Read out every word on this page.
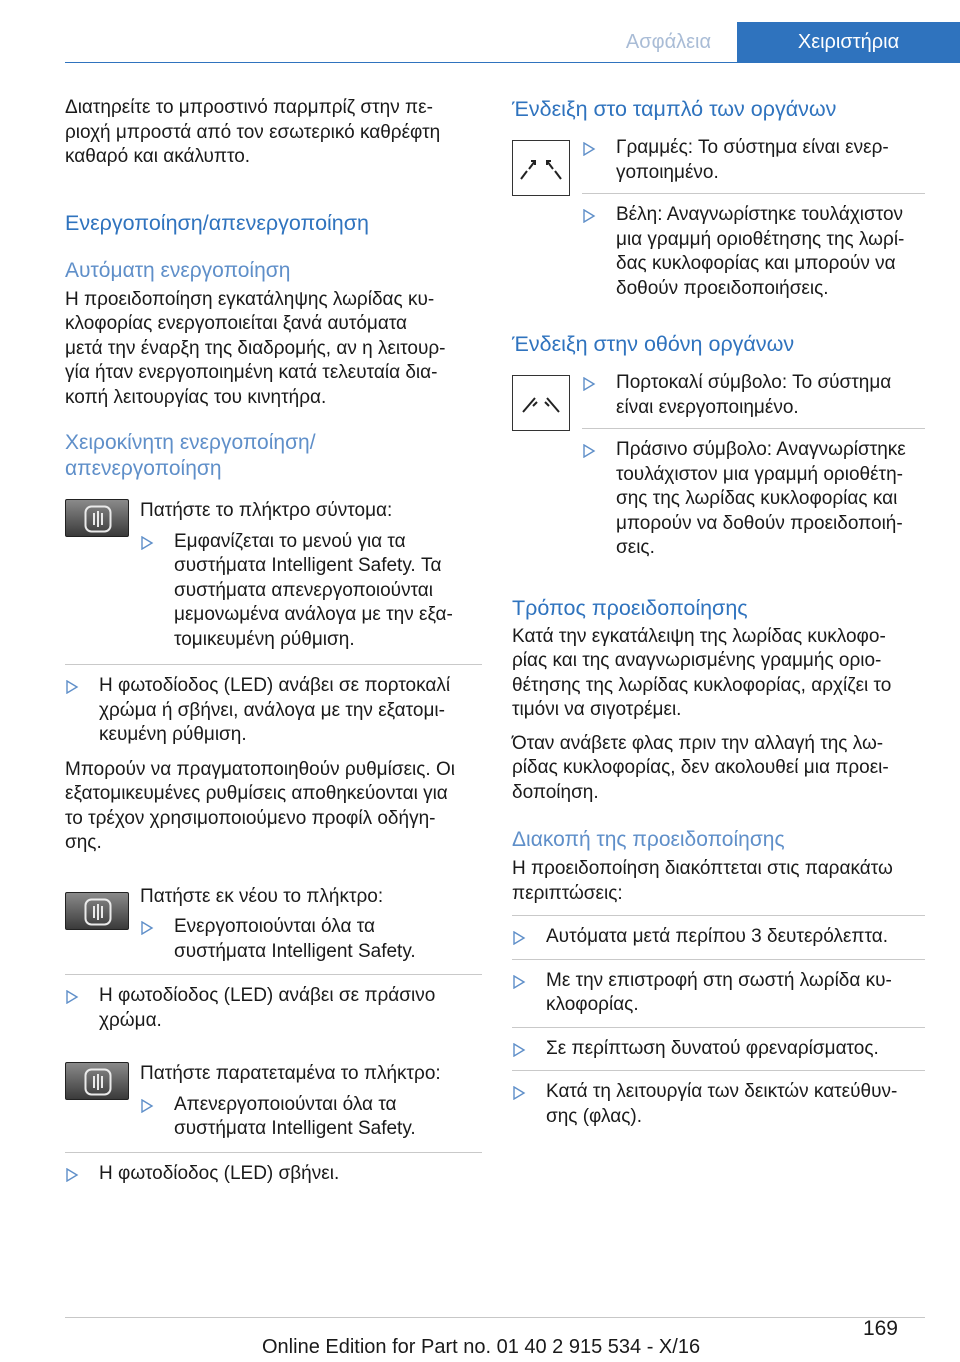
Ασφάλεια	Χειριστήρια
Διατηρείτε το μπροστινό παρμπρίζ στην πε-
ριοχή μπροστά από τον εσωτερικό καθρέφτη
καθαρό και ακάλυπτο.
Ενεργοποίηση/απενεργοποίηση
Αυτόματη ενεργοποίηση
Η προειδοποίηση εγκατάληψης λωρίδας κυ-
κλοφορίας ενεργοποιείται ξανά αυτόματα
μετά την έναρξη της διαδρομής, αν η λειτουρ-
γία ήταν ενεργοποιημένη κατά τελευταία δια-
κοπή λειτουργίας του κινητήρα.
Χειροκίνητη ενεργοποίηση/
απενεργοποίηση
Πατήστε το πλήκτρο σύντομα:
Εμφανίζεται το μενού για τα
συστήματα Intelligent Safety. Τα
συστήματα απενεργοποιούνται
μεμονωμένα ανάλογα με την εξα-
τομικευμένη ρύθμιση.
Η φωτοδίοδος (LED) ανάβει σε πορτοκαλί
χρώμα ή σβήνει, ανάλογα με την εξατομι-
κευμένη ρύθμιση.
Μπορούν να πραγματοποιηθούν ρυθμίσεις. Οι
εξατομικευμένες ρυθμίσεις αποθηκεύονται για
το τρέχον χρησιμοποιούμενο προφίλ οδήγη-
σης.
Πατήστε εκ νέου το πλήκτρο:
Ενεργοποιούνται όλα τα
συστήματα Intelligent Safety.
Η φωτοδίοδος (LED) ανάβει σε πράσινο
χρώμα.
Πατήστε παρατεταμένα το πλήκτρο:
Απενεργοποιούνται όλα τα
συστήματα Intelligent Safety.
Η φωτοδίοδος (LED) σβήνει.
Ένδειξη στο ταμπλό των οργάνων
Γραμμές: Το σύστημα είναι ενερ-
γοποιημένο.
Βέλη: Αναγνωρίστηκε τουλάχιστον
μια γραμμή οριοθέτησης της λωρί-
δας κυκλοφορίας και μπορούν να
δοθούν προειδοποιήσεις.
Ένδειξη στην οθόνη οργάνων
Πορτοκαλί σύμβολο: Το σύστημα
είναι ενεργοποιημένο.
Πράσινο σύμβολο: Αναγνωρίστηκε
τουλάχιστον μια γραμμή οριοθέτη-
σης της λωρίδας κυκλοφορίας και
μπορούν να δοθούν προειδοποιή-
σεις.
Τρόπος προειδοποίησης
Κατά την εγκατάλειψη της λωρίδας κυκλοφο-
ρίας και της αναγνωρισμένης γραμμής οριο-
θέτησης της λωρίδας κυκλοφορίας, αρχίζει το
τιμόνι να σιγοτρέμει.
Όταν ανάβετε φλας πριν την αλλαγή της λω-
ρίδας κυκλοφορίας, δεν ακολουθεί μια προει-
δοποίηση.
Διακοπή της προειδοποίησης
Η προειδοποίηση διακόπτεται στις παρακάτω
περιπτώσεις:
Αυτόματα μετά περίπου 3 δευτερόλεπτα.
Με την επιστροφή στη σωστή λωρίδα κυ-
κλοφορίας.
Σε περίπτωση δυνατού φρεναρίσματος.
Κατά τη λειτουργία των δεικτών κατεύθυν-
σης (φλας).
169
Online Edition for Part no. 01 40 2 915 534 - X/16
